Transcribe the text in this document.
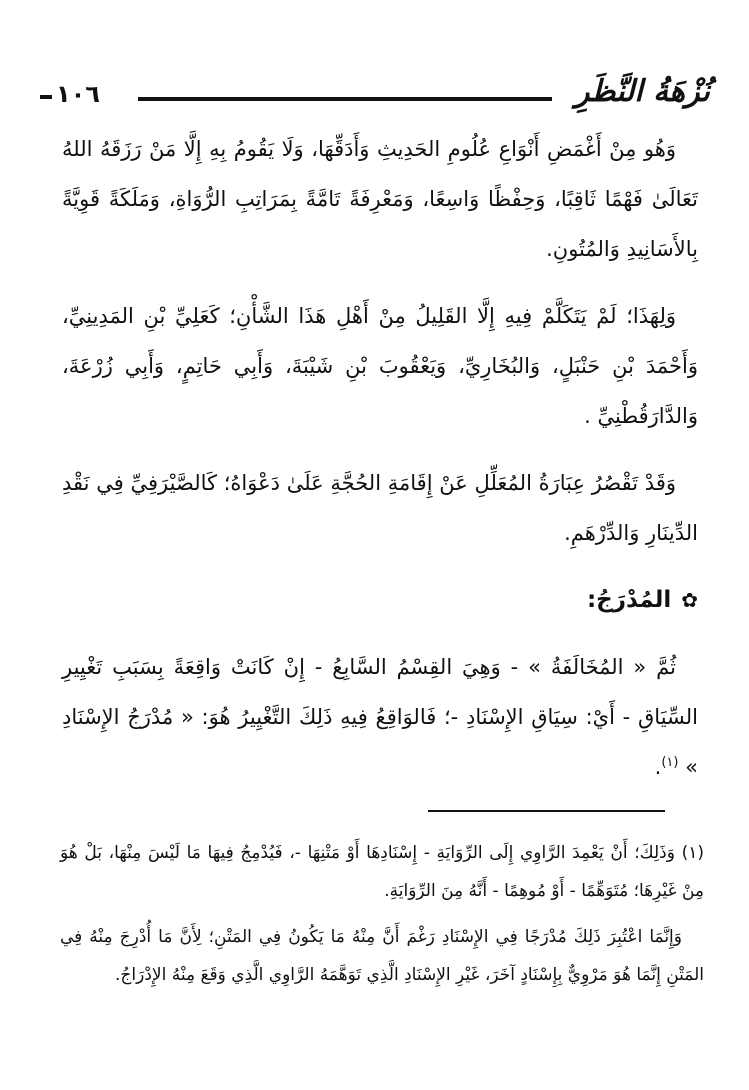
نُزْهَةُ النَّظَرِ
١٠٦

وَهُو مِنْ أَغْمَضِ أَنْوَاعِ عُلُومِ الحَدِيثِ وَأَدَقِّهَا، وَلَا يَقُومُ بِهِ إِلَّا مَنْ رَزَقَهُ اللهُ تَعَالَىٰ فَهْمًا ثَاقِبًا، وَحِفْظًا وَاسِعًا، وَمَعْرِفَةً تَامَّةً بِمَرَاتِبِ الرُّوَاةِ، وَمَلَكَةً قَوِيَّةً بِالأَسَانِيدِ وَالمُتُونِ.

وَلِهَذَا؛ لَمْ يَتَكَلَّمْ فِيهِ إِلَّا القَلِيلُ مِنْ أَهْلِ هَذَا الشَّأْنِ؛ كَعَلِيِّ بْنِ المَدِينِيِّ، وَأَحْمَدَ بْنِ حَنْبَلٍ، وَالبُخَارِيِّ، وَيَعْقُوبَ بْنِ شَيْبَةَ، وَأَبِي حَاتِمٍ، وَأَبِي زُرْعَةَ، وَالدَّارَقُطْنِيِّ .

وَقَدْ تَقْصُرُ عِبَارَةُ المُعَلِّلِ عَنْ إِقَامَةِ الحُجَّةِ عَلَىٰ دَعْوَاهُ؛ كَالصَّيْرَفِيِّ فِي نَقْدِ الدِّينَارِ وَالدِّرْهَمِ.

✿المُدْرَجُ:

ثُمَّ « المُخَالَفَةُ » - وَهِيَ القِسْمُ السَّابِعُ - إِنْ كَانَتْ وَاقِعَةً بِسَبَبِ تَغْيِيرِ السِّيَاقِ - أَيْ: سِيَاقِ الإِسْنَادِ -؛ فَالوَاقِعُ فِيهِ ذَلِكَ التَّغْيِيرُ هُوَ: « مُدْرَجُ الإِسْنَادِ » $^{(١)}$.

(١) وَذَلِكَ؛ أَنْ يَعْمِدَ الرَّاوِي إِلَى الرِّوَايَةِ - إِسْنَادِهَا أَوْ مَتْنِهَا -، فَيُدْمِجُ فِيهَا مَا لَيْسَ مِنْهَا، بَلْ هُوَ مِنْ غَيْرِهَا؛ مُتَوَهِّمًا - أَوْ مُوهِمًا - أَنَّهُ مِنَ الرِّوَايَةِ.

وَإِنَّمَا اعْتُبِرَ ذَلِكَ مُدْرَجًا فِي الإِسْنَادِ رَغْمَ أَنَّ مِنْهُ مَا يَكُونُ فِي المَتْنِ؛ لِأَنَّ مَا أُدْرِجَ مِنْهُ فِي المَتْنِ إِنَّمَا هُوَ مَرْوِيٌّ بِإِسْنَادٍ آخَرَ، غَيْرِ الإِسْنَادِ الَّذِي تَوَهَّمَهُ الرَّاوِي الَّذِي وَقَعَ مِنْهُ الإِدْرَاجُ.
